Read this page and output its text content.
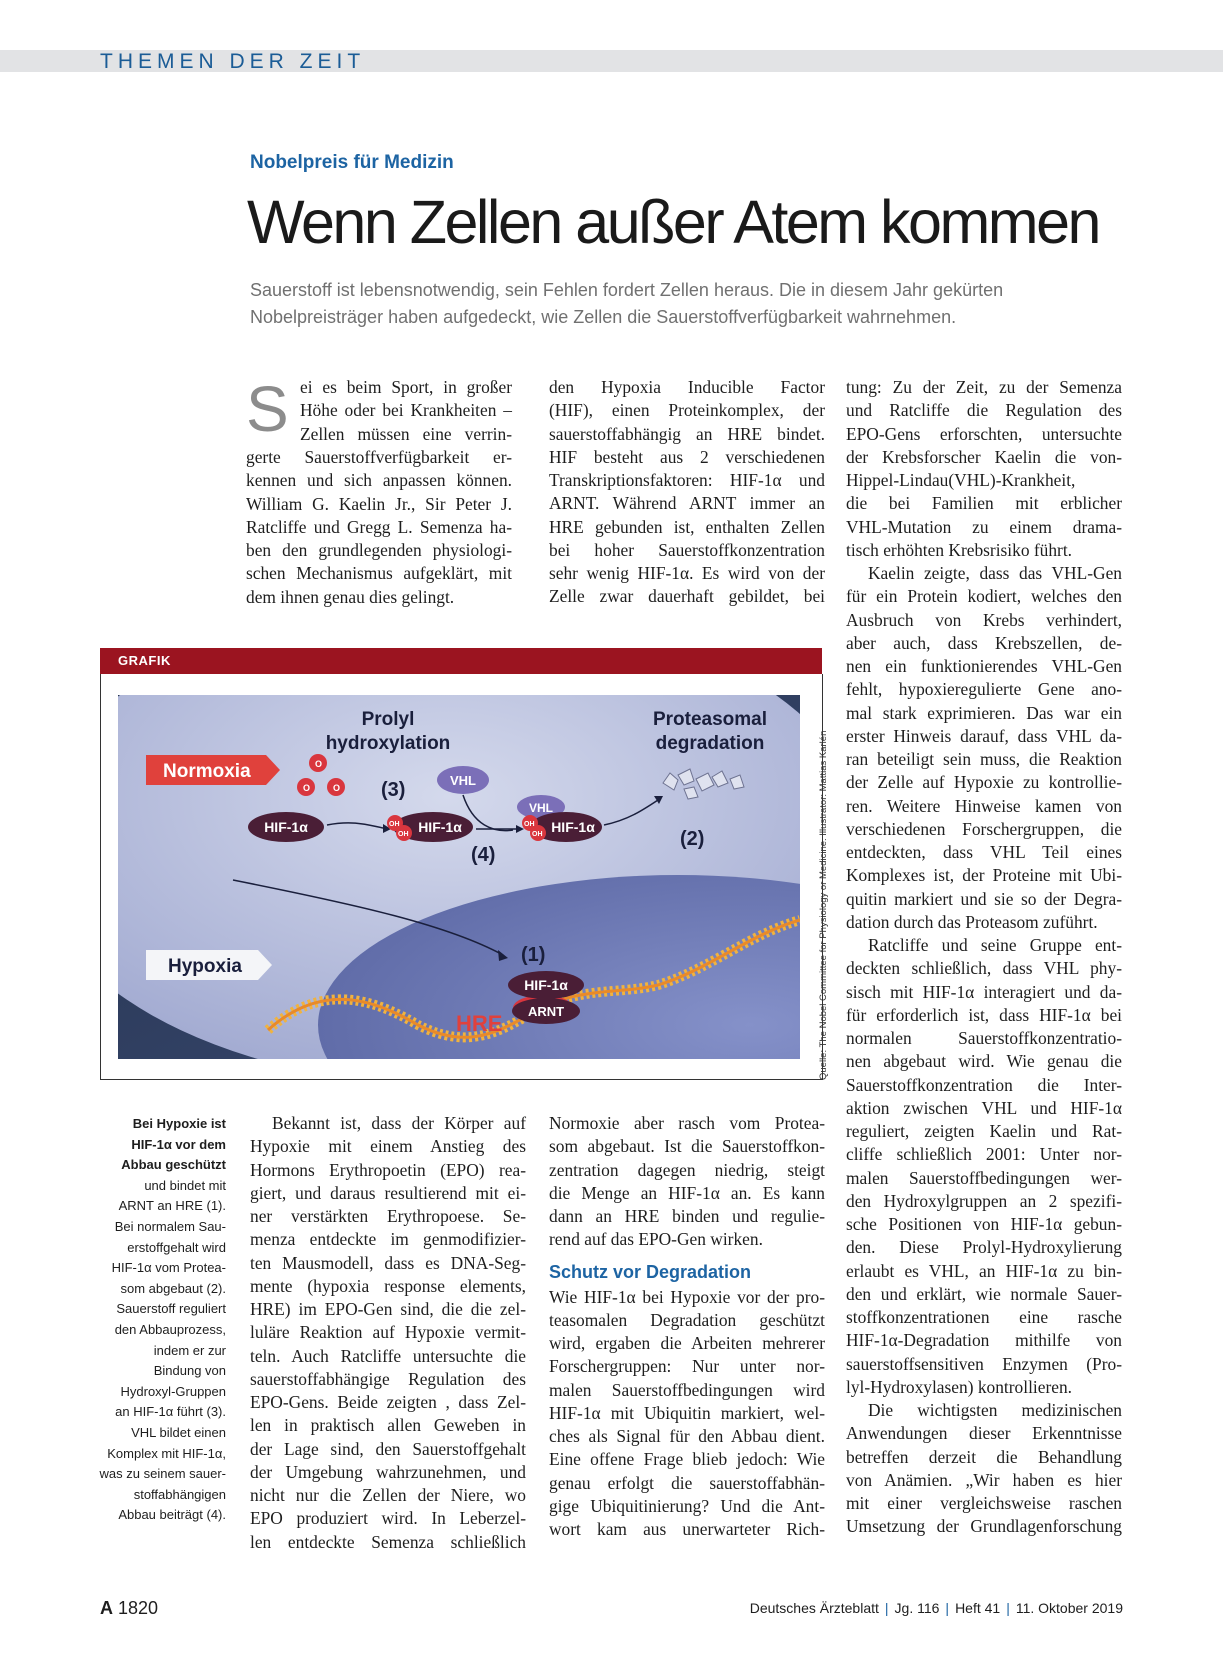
THEMEN DER ZEIT
Nobelpreis für Medizin
Wenn Zellen außer Atem kommen
Sauerstoff ist lebensnotwendig, sein Fehlen fordert Zellen heraus. Die in diesem Jahr gekürten
Nobelpreisträger haben aufgedeckt, wie Zellen die Sauerstoffverfügbarkeit wahrnehmen.
S ei es beim Sport, in großer
Höhe oder bei Krankheiten –
Zellen müssen eine verrin-
gerte Sauerstoffverfügbarkeit er-
kennen und sich anpassen können.
William G. Kaelin Jr., Sir Peter J.
Ratcliffe und Gregg L. Semenza ha-
ben den grundlegenden physiologi-
schen Mechanismus aufgeklärt, mit
dem ihnen genau dies gelingt.
den Hypoxia Inducible Factor
(HIF), einen Proteinkomplex, der
sauerstoffabhängig an HRE bindet.
HIF besteht aus 2 verschiedenen
Transkriptionsfaktoren: HIF-1α und
ARNT. Während ARNT immer an
HRE gebunden ist, enthalten Zellen
bei hoher Sauerstoffkonzentration
sehr wenig HIF-1α. Es wird von der
Zelle zwar dauerhaft gebildet, bei
tung: Zu der Zeit, zu der Semenza
und Ratcliffe die Regulation des
EPO-Gens erforschten, untersuchte
der Krebsforscher Kaelin die von-
Hippel-Lindau(VHL)-Krankheit,
die bei Familien mit erblicher
VHL-Mutation zu einem drama-
tisch erhöhten Krebsrisiko führt.
Kaelin zeigte, dass das VHL-Gen
für ein Protein kodiert, welches den
Ausbruch von Krebs verhindert,
aber auch, dass Krebszellen, de-
nen ein funktionierendes VHL-Gen
fehlt, hypoxieregulierte Gene ano-
mal stark exprimieren. Das war ein
erster Hinweis darauf, dass VHL da-
ran beteiligt sein muss, die Reaktion
der Zelle auf Hypoxie zu kontrollie-
ren. Weitere Hinweise kamen von
verschiedenen Forschergruppen, die
entdeckten, dass VHL Teil eines
Komplexes ist, der Proteine mit Ubi-
quitin markiert und sie so der Degra-
dation durch das Proteasom zuführt.
Ratcliffe und seine Gruppe ent-
deckten schließlich, dass VHL phy-
sisch mit HIF-1α interagiert und da-
für erforderlich ist, dass HIF-1α bei
normalen Sauerstoffkonzentratio-
nen abgebaut wird. Wie genau die
Sauerstoffkonzentration die Inter-
aktion zwischen VHL und HIF-1α
reguliert, zeigten Kaelin und Rat-
cliffe schließlich 2001: Unter nor-
malen Sauerstoffbedingungen wer-
den Hydroxylgruppen an 2 spezifi-
sche Positionen von HIF-1α gebun-
den. Diese Prolyl-Hydroxylierung
erlaubt es VHL, an HIF-1α zu bin-
den und erklärt, wie normale Sauer-
stoffkonzentrationen eine rasche
HIF-1α-Degradation mithilfe von
sauerstoffsensitiven Enzymen (Pro-
lyl-Hydroxylasen) kontrollieren.
Die wichtigsten medizinischen
Anwendungen dieser Erkenntnisse
betreffen derzeit die Behandlung
von Anämien. „Wir haben es hier
mit einer vergleichsweise raschen
Umsetzung der Grundlagenforschung
Bekannt ist, dass der Körper auf
Hypoxie mit einem Anstieg des
Hormons Erythropoetin (EPO) rea-
giert, und daraus resultierend mit ei-
ner verstärkten Erythropoese. Se-
menza entdeckte im genmodifizier-
ten Mausmodell, dass es DNA-Seg-
mente (hypoxia response elements,
HRE) im EPO-Gen sind, die die zel-
luläre Reaktion auf Hypoxie vermit-
teln. Auch Ratcliffe untersuchte die
sauerstoffabhängige Regulation des
EPO-Gens. Beide zeigten , dass Zel-
len in praktisch allen Geweben in
der Lage sind, den Sauerstoffgehalt
der Umgebung wahrzunehmen, und
nicht nur die Zellen der Niere, wo
EPO produziert wird. In Leberzel-
len entdeckte Semenza schließlich
Normoxie aber rasch vom Protea-
som abgebaut. Ist die Sauerstoffkon-
zentration dagegen niedrig, steigt
die Menge an HIF-1α an. Es kann
dann an HRE binden und regulie-
rend auf das EPO-Gen wirken.
Schutz vor Degradation
Wie HIF-1α bei Hypoxie vor der pro-
teasomalen Degradation geschützt
wird, ergaben die Arbeiten mehrerer
Forschergruppen: Nur unter nor-
malen Sauerstoffbedingungen wird
HIF-1α mit Ubiquitin markiert, wel-
ches als Signal für den Abbau dient.
Eine offene Frage blieb jedoch: Wie
genau erfolgt die sauerstoffabhän-
gige Ubiquitinierung? Und die Ant-
wort kam aus unerwarteter Rich-
GRAFIK
Normoxia
Hypoxia
Prolyl
hydroxylation
Proteasomal
degradation
O
O	O (3)
(4)
(2)
(1)
HIF-1α	HIF-1α
OH
OH
VHL
VHL
HIF-1α
OH
OH
HIF-1α
ARNT
HRE	Quelle: The Nobel Committee for Physiology or Medicine. Illustrator: Mattias Karlén
Bei Hypoxie ist
HIF-1α vor dem
Abbau geschützt
und bindet mit
ARNT an HRE (1).
Bei normalem Sau-
erstoffgehalt wird
HIF-1α vom Protea-
som abgebaut (2).
Sauerstoff reguliert
den Abbauprozess,
indem er zur
Bindung von
Hydroxyl-Gruppen
an HIF-1α führt (3).
VHL bildet einen
Komplex mit HIF-1α,
was zu seinem sauer-
stoffabhängigen
Abbau beiträgt (4).
A 1820	Deutsches Ärzteblatt | Jg. 116 | Heft 41 | 11. Oktober 2019
